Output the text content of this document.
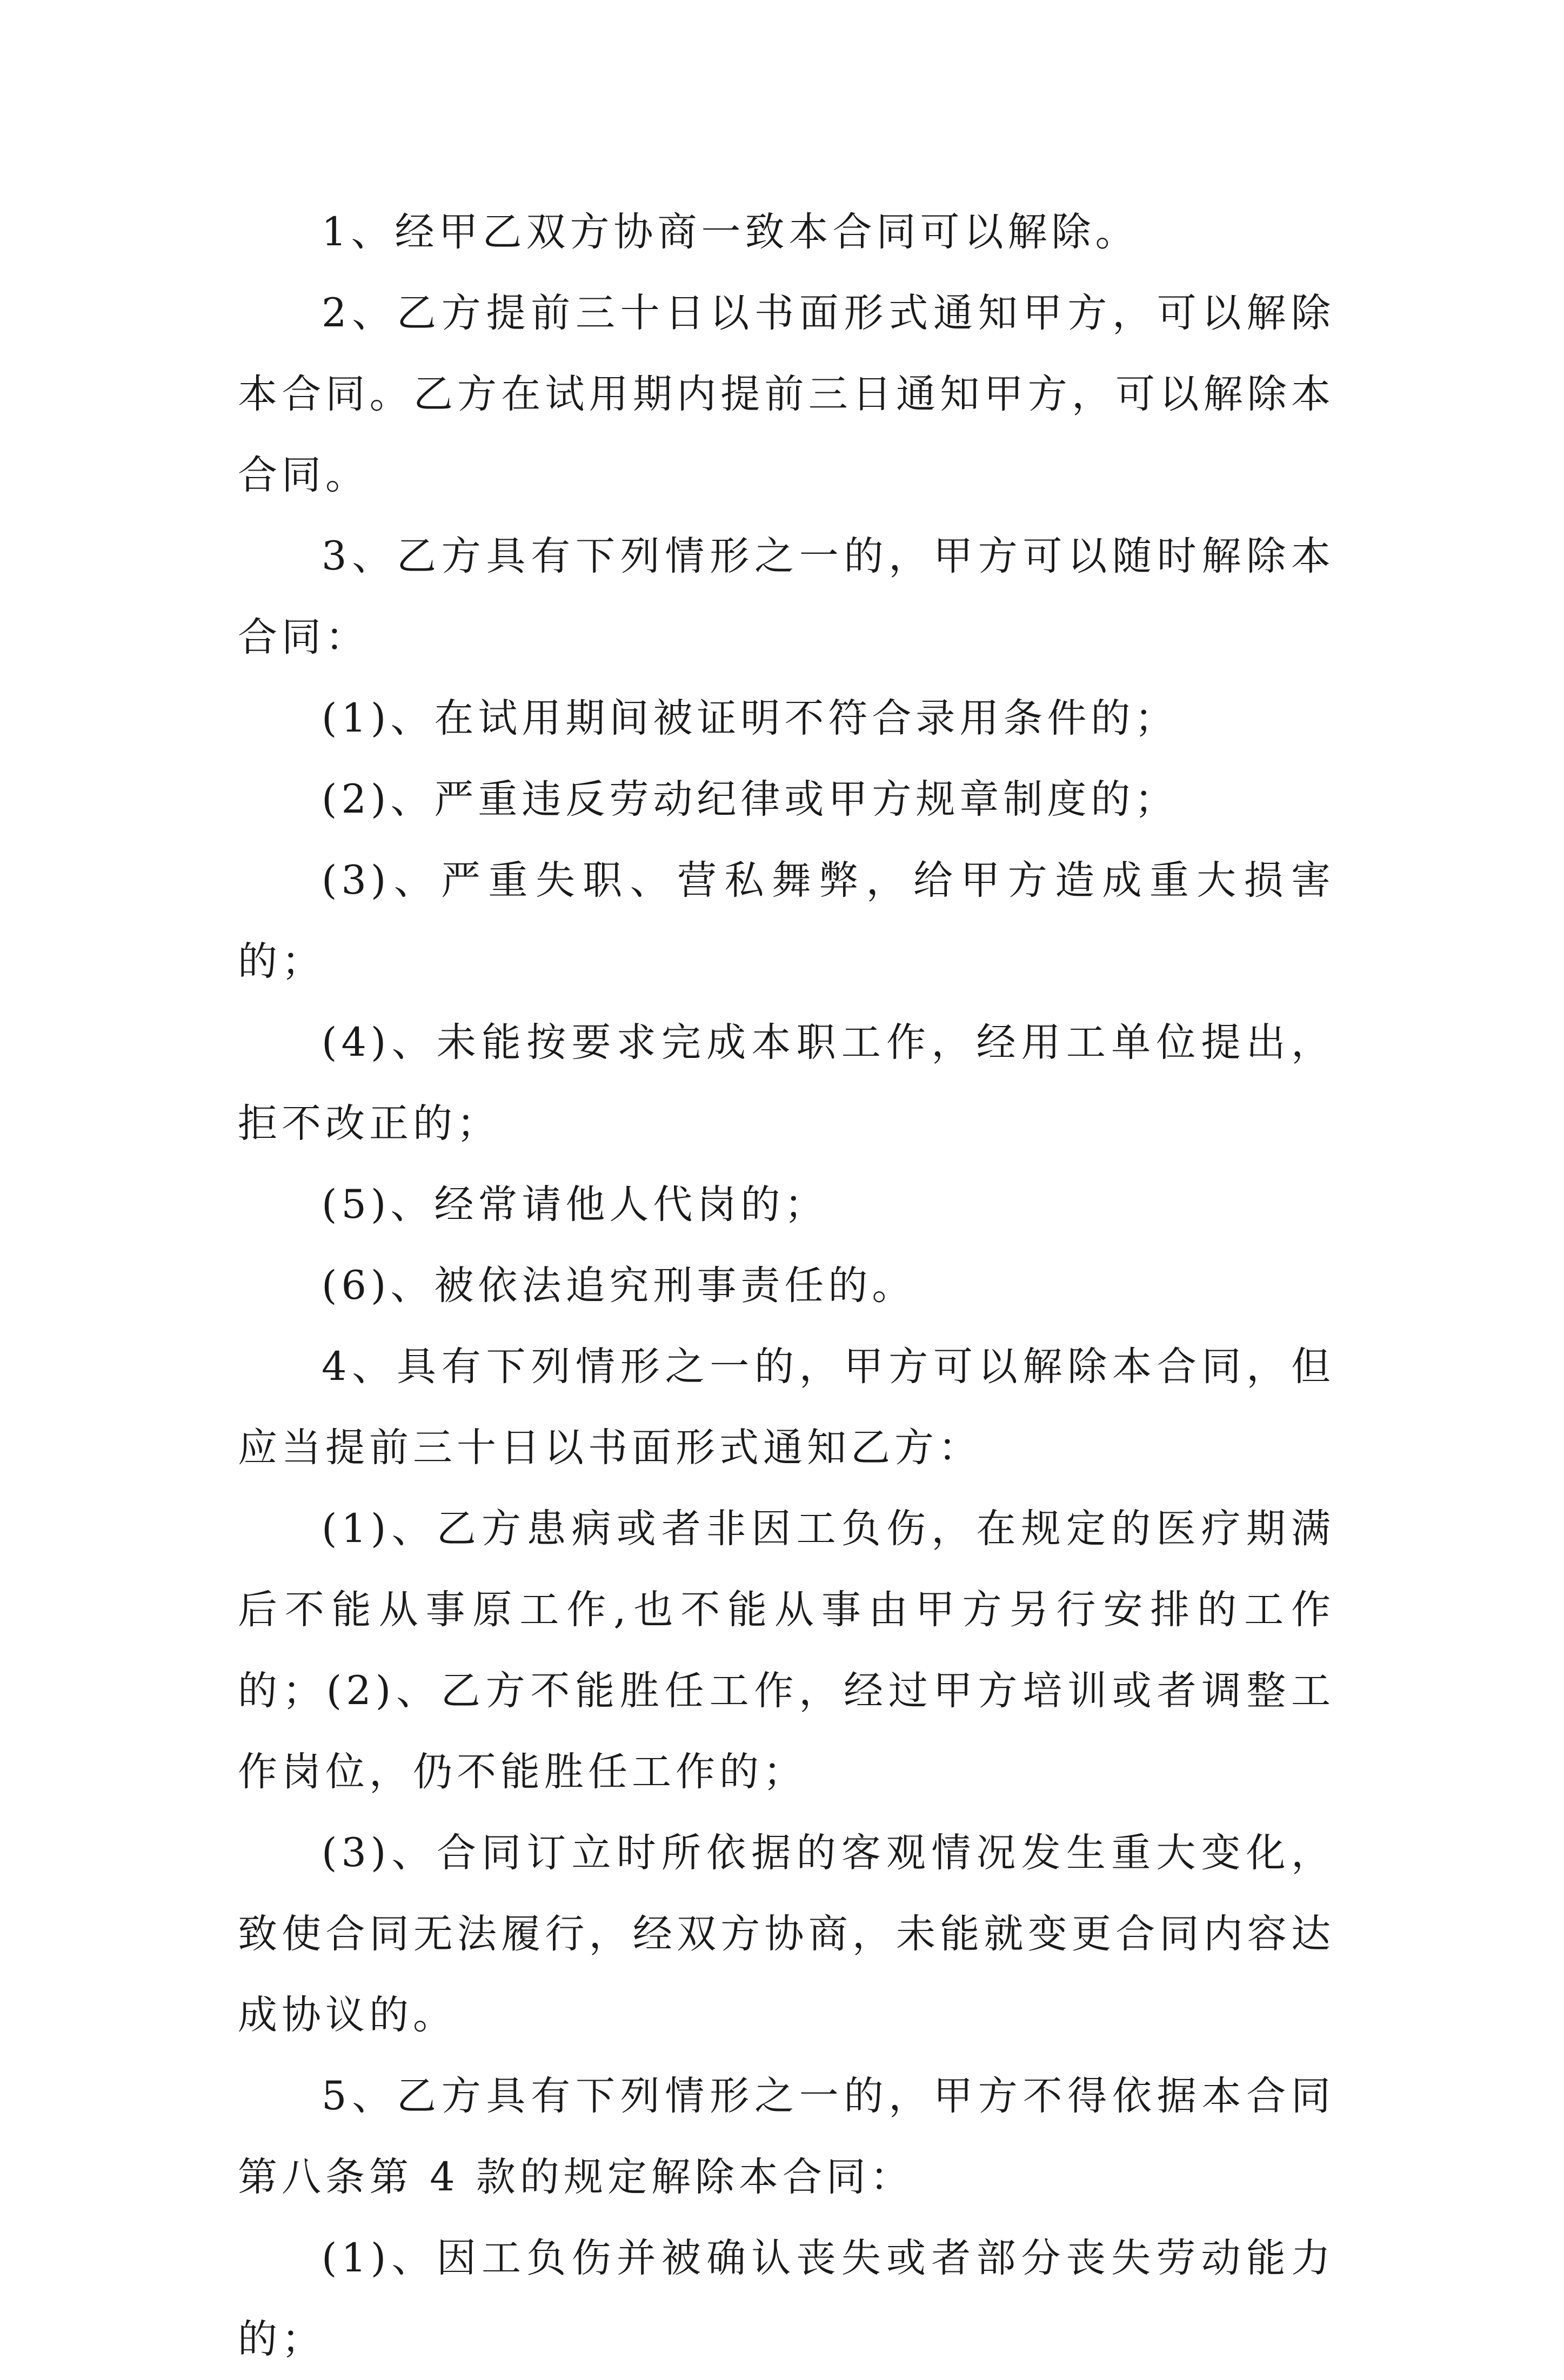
1、经甲乙双方协商一致本合同可以解除。

2、乙方提前三十日以书面形式通知甲方，可以解除本合同。乙方在试用期内提前三日通知甲方，可以解除本合同。

3、乙方具有下列情形之一的，甲方可以随时解除本合同：

(1)、在试用期间被证明不符合录用条件的；

(2)、严重违反劳动纪律或甲方规章制度的；

(3)、严重失职、营私舞弊，给甲方造成重大损害的；

(4)、未能按要求完成本职工作，经用工单位提出，拒不改正的；

(5)、经常请他人代岗的；

(6)、被依法追究刑事责任的。

4、具有下列情形之一的，甲方可以解除本合同，但应当提前三十日以书面形式通知乙方：

(1)、乙方患病或者非因工负伤，在规定的医疗期满后不能从事原工作,也不能从事由甲方另行安排的工作的；(2)、乙方不能胜任工作，经过甲方培训或者调整工作岗位，仍不能胜任工作的；

(3)、合同订立时所依据的客观情况发生重大变化，致使合同无法履行，经双方协商，未能就变更合同内容达成协议的。

5、乙方具有下列情形之一的，甲方不得依据本合同第八条第 4 款的规定解除本合同：

(1)、因工负伤并被确认丧失或者部分丧失劳动能力的；
